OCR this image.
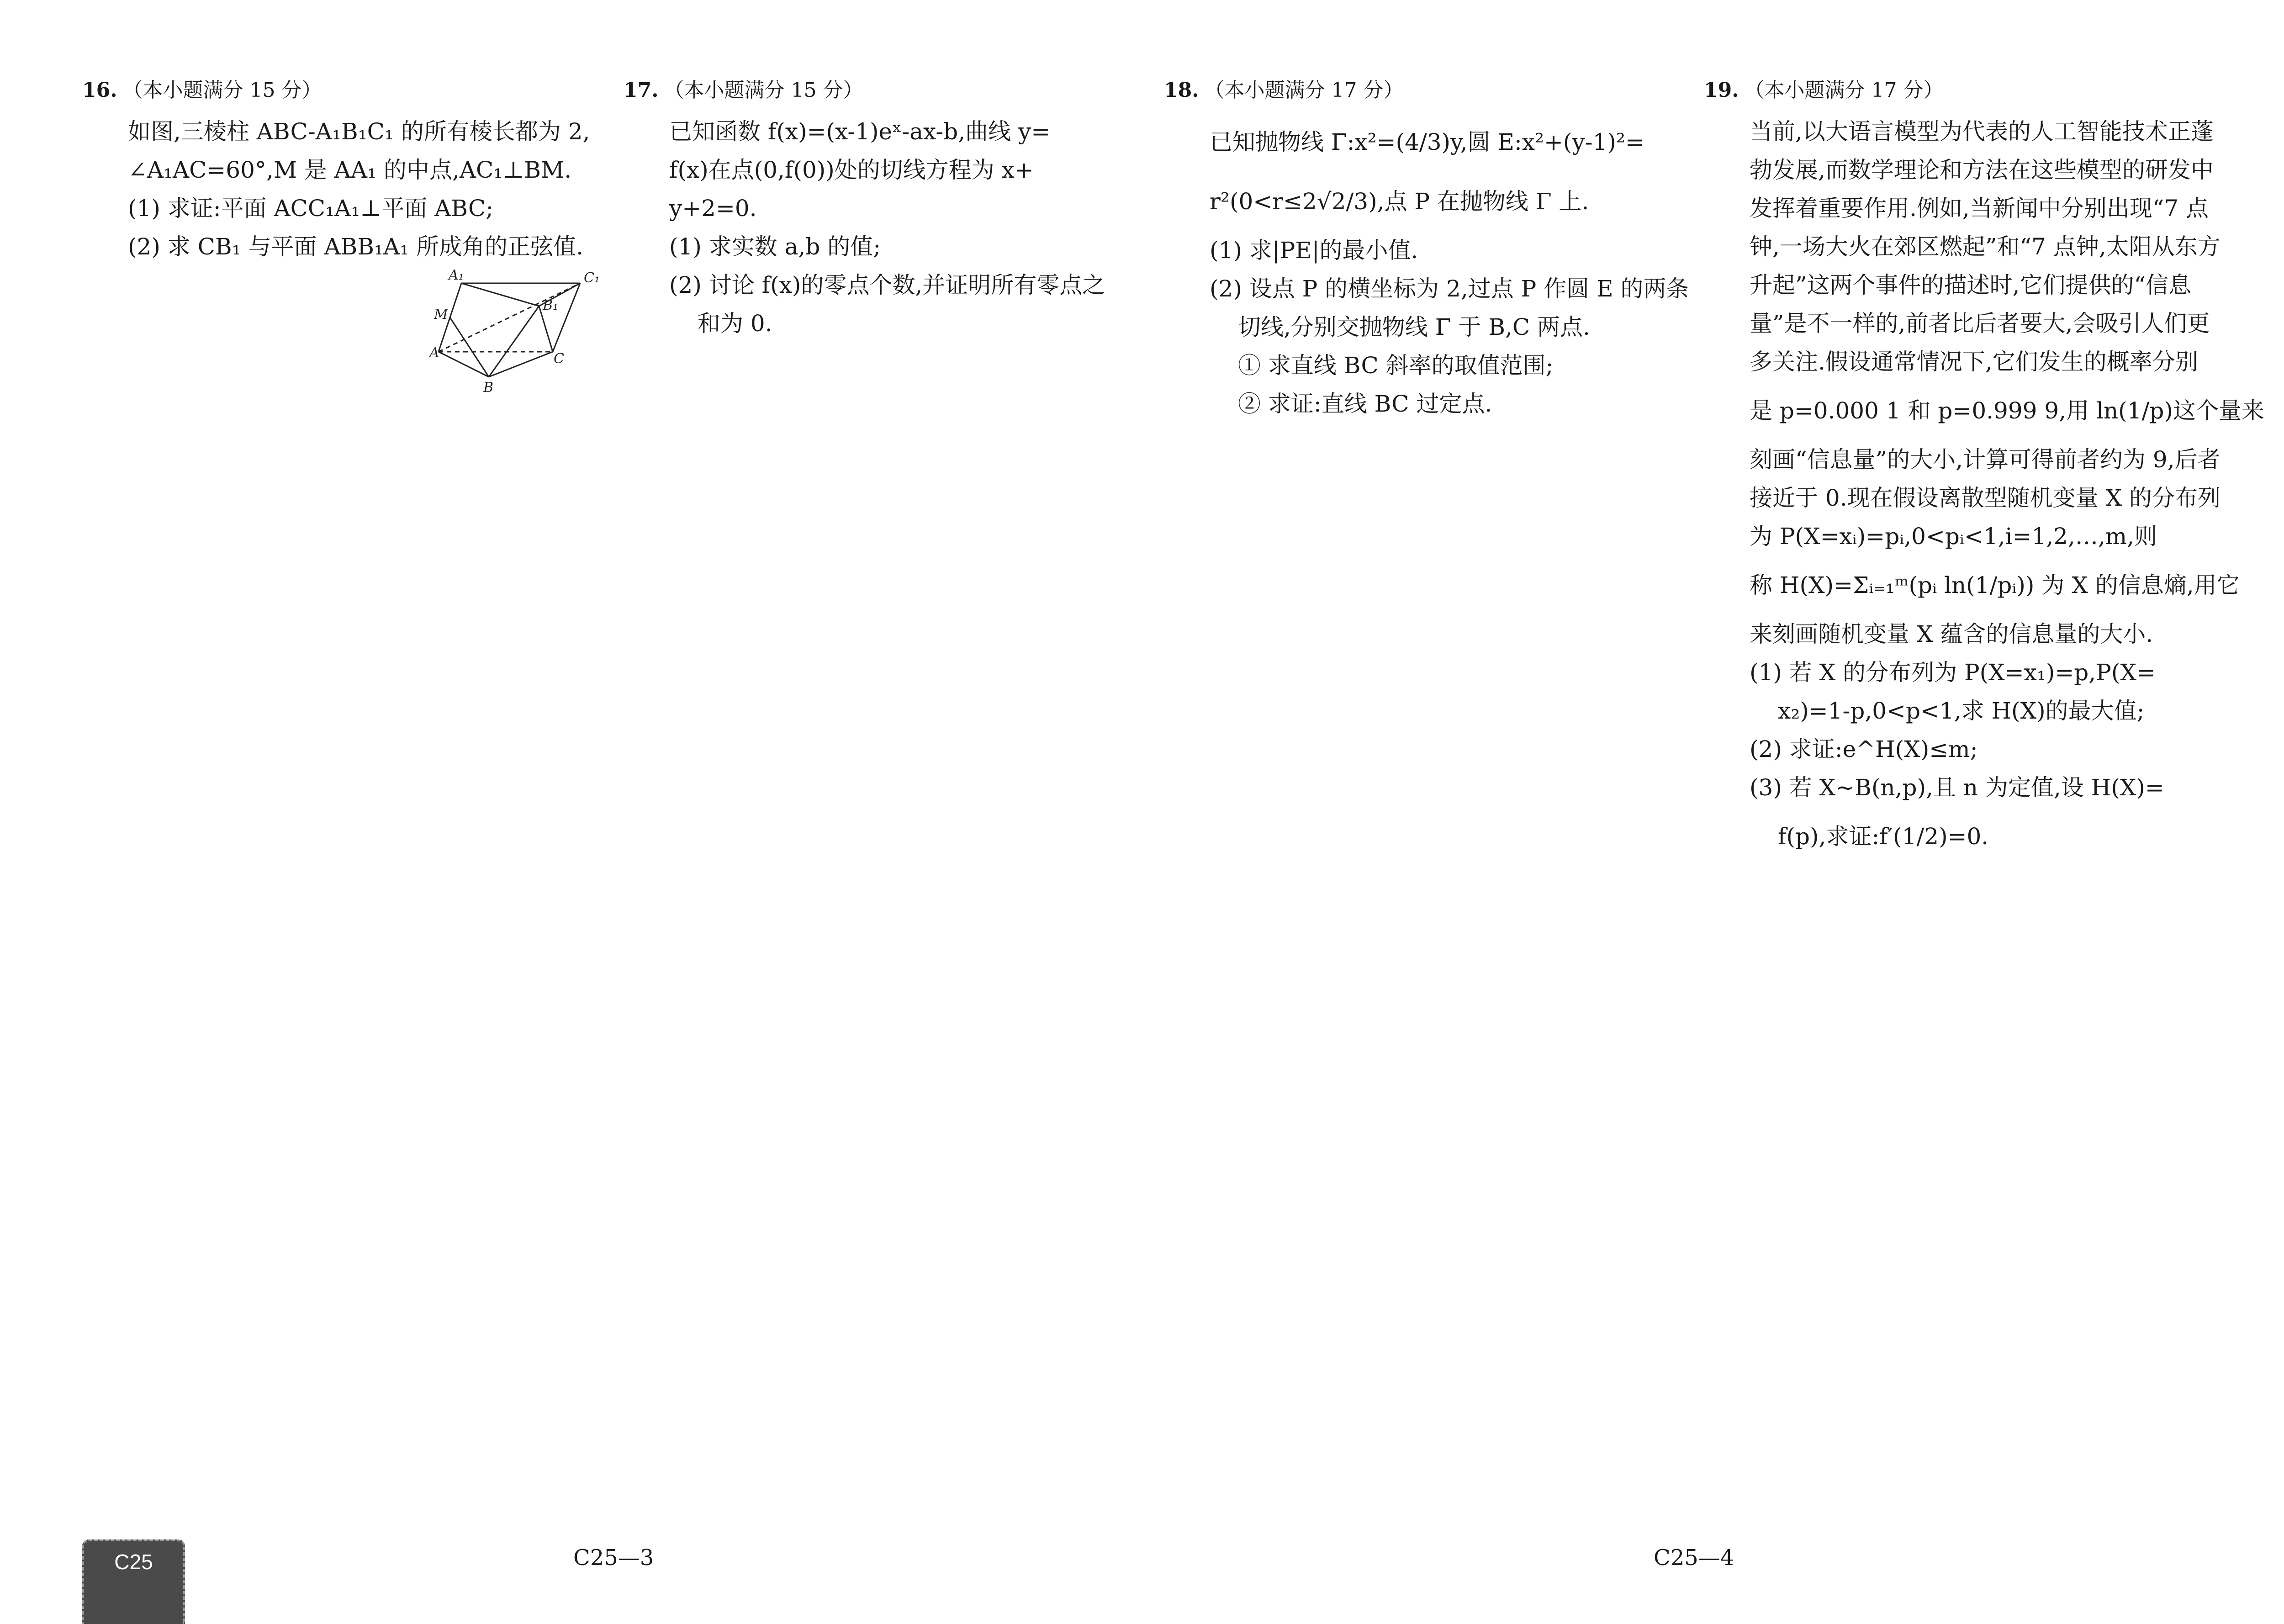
16. （本小题满分 15 分）
如图,三棱柱 ABC-A₁B₁C₁ 的所有棱长都为 2,
∠A₁AC=60°,M 是 AA₁ 的中点,AC₁⊥BM.
(1) 求证:平面 ACC₁A₁⊥平面 ABC;
(2) 求 CB₁ 与平面 ABB₁A₁ 所成角的正弦值.
A₁	C₁
M
B₁
A	C
B
17. （本小题满分 15 分）
已知函数 f(x)=(x-1)eˣ-ax-b,曲线 y=
f(x)在点(0,f(0))处的切线方程为 x+
y+2=0.
(1) 求实数 a,b 的值;
(2) 讨论 f(x)的零点个数,并证明所有零点之
和为 0.
18. （本小题满分 17 分）
已知抛物线 Γ:x²=(4/3)y,圆 E:x²+(y-1)²=
r²(0<r≤2√2/3),点 P 在抛物线 Γ 上.
(1) 求|PE|的最小值.
(2) 设点 P 的横坐标为 2,过点 P 作圆 E 的两条
切线,分别交抛物线 Γ 于 B,C 两点.
① 求直线 BC 斜率的取值范围;
② 求证:直线 BC 过定点.
19. （本小题满分 17 分）
当前,以大语言模型为代表的人工智能技术正蓬
勃发展,而数学理论和方法在这些模型的研发中
发挥着重要作用.例如,当新闻中分别出现“7 点
钟,一场大火在郊区燃起”和“7 点钟,太阳从东方
升起”这两个事件的描述时,它们提供的“信息
量”是不一样的,前者比后者要大,会吸引人们更
多关注.假设通常情况下,它们发生的概率分别
是 p=0.000 1 和 p=0.999 9,用 ln(1/p)这个量来
刻画“信息量”的大小,计算可得前者约为 9,后者
接近于 0.现在假设离散型随机变量 X 的分布列
为 P(X=xᵢ)=pᵢ,0<pᵢ<1,i=1,2,…,m,则
称 H(X)=Σᵢ₌₁ᵐ(pᵢ ln(1/pᵢ)) 为 X 的信息熵,用它
来刻画随机变量 X 蕴含的信息量的大小.
(1) 若 X 的分布列为 P(X=x₁)=p,P(X=
x₂)=1-p,0<p<1,求 H(X)的最大值;
(2) 求证:e^H(X)≤m;
(3) 若 X~B(n,p),且 n 为定值,设 H(X)=
f(p),求证:f′(1/2)=0.
C25	C25—3	C25—4
